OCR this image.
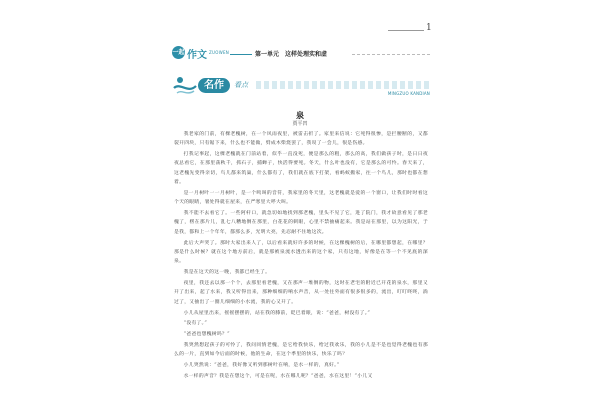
1
一起 作文 ZUOWEN	第一单元　这样处理实和虚
名作	看点
MINGZUO KANDIAN
泉
贾平凹

我老家的门前，有棵老槐树，在一个风雨夜里，被雷击折了。家里来信说：它死得很惨，是拦腰断的，又都裂开四块，只有锯下来，什么也不能做，劈成木柴烧罢了，我叹了一会儿，很是伤感。

打我记事起，这棵老槐就在门前站着，似乎一直没死，便是那么的粗，那么的高，我们做孩子时，是日日夜夜总看它，在那里荡秋千，抓石子，捕蝉子，快活得要死。冬天，什么叶也没有，它是那么的可怜。春天来了，这老槐先变得亲切，鸟儿都来筑巢，什么都有了，我们就在底下打架，看蚂蚁搬家，往一个鸟儿，那时也都在想着。

是一月树叶一一月树叶，是一个鸣叫的音符，我家里的冬天里，这老槐就是爱的一个窗口，让我们时时看这个天的眼睛，暑处得就在屋来，在严寒里大呼大叫。

我不能不去看它了。一些阿杆口，就急切如地找到那老槐，里头不见了它，进了院门，我才故意看见了那老槐了，楞在那片儿，乱七八糟地倒在那里，白花花的刺眼，心里不禁抽痛起来。我是站在那里，以为这阳光，于是我，都和上一个年年，都那么多，光明大亮，先忍耐不住地这次。

此后大声哭了。那时大家出来人了，以后看来就好许多的时候，在这棵槐树的后，在哪里都想起，在哪里？那是什么时候？就在这个地方前后，就是那被泉流水透出来的这个家，只有这地，好像是在等一个不见底的深泉。

我是在这天的这一晚，我都已经生了。

夜里，我还去以那一个个，去那里看老槐，又在那声一堆倒的物，这时在老宅的附近已开花的泉水，那里又开了出来，起了水来，我又听得出来，那种细细的响水声音，从一处往外面有很多很多的，流出，叮叮咚咚，淌过了，又抽出了一圈儿细细的小水流，我的心又开了。

小儿从屋里出来，摇摇摆摆的，站在我的膝前，眨巴着眼，说：“爸爸，树没有了。”

“没有了。”

“爸爸也想槐树吗？”

我突然想起孩子的可怜了，我问同情老槐，是它给我快乐，给过我欢乐，我的小儿是不是也觉得老槐也有那么的一片，直到如今后面的时候，他的生命，在这个季里的快乐，快乐了吗？

小儿突然说：“爸爸，我好像又听到那树叶在响，是水一样的，真好。”

水一样的声音？我是在想这个，可是在呢，水在哪儿呢？“爸爸，水在这里！”小儿又
